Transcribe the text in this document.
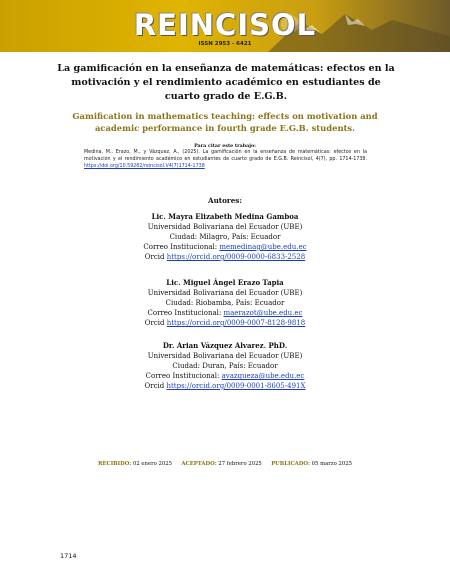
REINCISOL
ISSN 2953 - 6421
La gamificación en la enseñanza de matemáticas: efectos en la motivación y el rendimiento académico en estudiantes de cuarto grado de E.G.B.
Gamification in mathematics teaching: effects on motivation and academic performance in fourth grade E.G.B. students.
Para citar este trabajo:
Medina, M., Erazo, M., y Vázquez, A., (2025). La gamificación en la enseñanza de matemáticas: efectos en la motivación y el rendimiento académico en estudiantes de cuarto grado de E.G.B. Reincisol, 4(7), pp. 1714-1738. https://doi.org/10.59282/reincisol.V4(7)1714-1738
Autores:
Lic. Mayra Elizabeth Medina Gamboa
Universidad Bolivariana del Ecuador (UBE)
Ciudad: Milagro, País: Ecuador
Correo Institucional: memedinag@ube.edu.ec
Orcid https://orcid.org/0009-0000-6833-2528
Lic. Miguel Ángel Erazo Tapia
Universidad Bolivariana del Ecuador (UBE)
Ciudad: Riobamba, País: Ecuador
Correo Institucional: maerazot@ube.edu.ec
Orcid https://orcid.org/0009-0007-8128-9818
Dr. Arian Vázquez Alvarez. PhD.
Universidad Bolivariana del Ecuador (UBE)
Ciudad: Duran, País: Ecuador
Correo Institucional: avazqueza@ube.edu.ec
Orcid https://orcid.org/0009-0001-8605-491X
RECIBIDO: 02 enero 2025 ACEPTADO: 27 febrero 2025 PUBLICADO: 05 marzo 2025
1714
